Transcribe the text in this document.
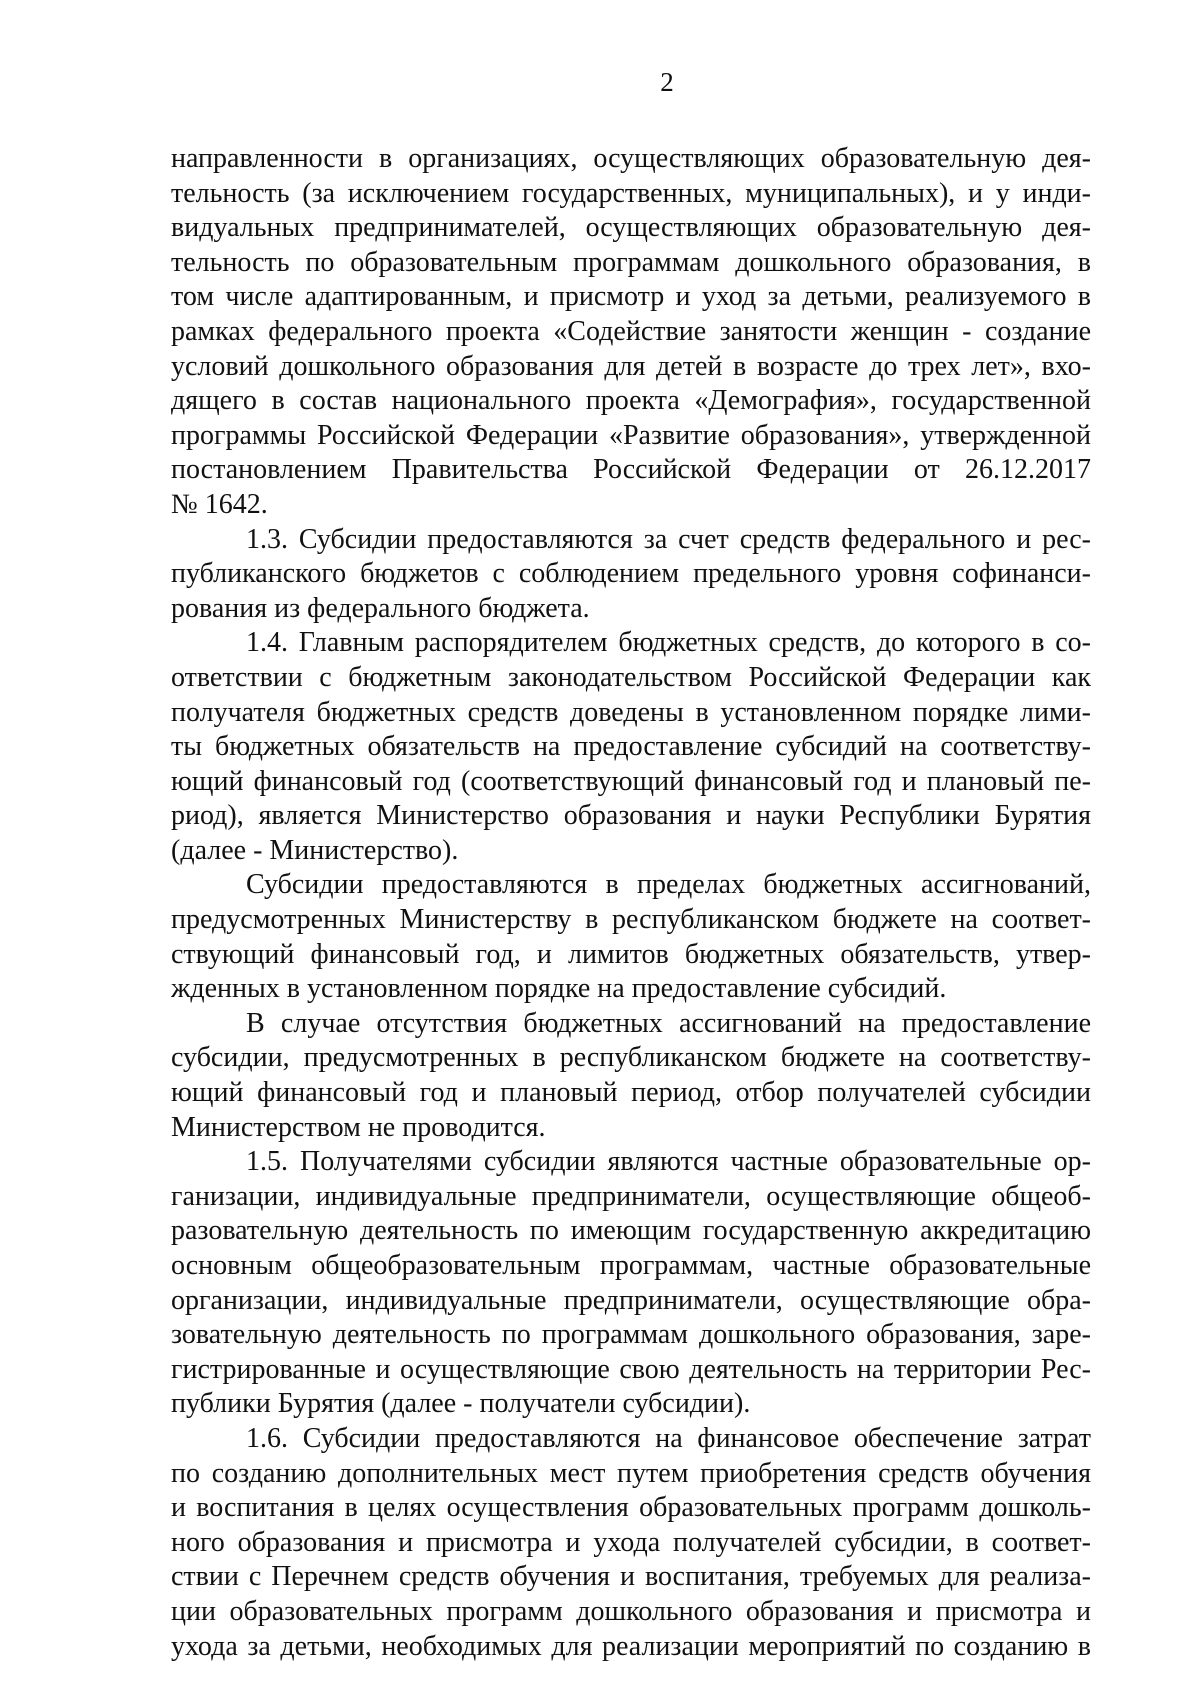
2
направленности в организациях, осуществляющих образовательную дея-
тельность (за исключением государственных, муниципальных), и у инди-
видуальных предпринимателей, осуществляющих образовательную дея-
тельность по образовательным программам дошкольного образования, в
том числе адаптированным, и присмотр и уход за детьми, реализуемого в
рамках федерального проекта «Содействие занятости женщин - создание
условий дошкольного образования для детей в возрасте до трех лет», вхо-
дящего в состав национального проекта «Демография», государственной
программы Российской Федерации «Развитие образования», утвержденной
постановлением Правительства Российской Федерации от 26.12.2017
№ 1642.
1.3. Субсидии предоставляются за счет средств федерального и рес-
публиканского бюджетов с соблюдением предельного уровня софинанси-
рования из федерального бюджета.
1.4. Главным распорядителем бюджетных средств, до которого в со-
ответствии с бюджетным законодательством Российской Федерации как
получателя бюджетных средств доведены в установленном порядке лими-
ты бюджетных обязательств на предоставление субсидий на соответству-
ющий финансовый год (соответствующий финансовый год и плановый пе-
риод), является Министерство образования и науки Республики Бурятия
(далее - Министерство).
Субсидии предоставляются в пределах бюджетных ассигнований,
предусмотренных Министерству в республиканском бюджете на соответ-
ствующий финансовый год, и лимитов бюджетных обязательств, утвер-
жденных в установленном порядке на предоставление субсидий.
В случае отсутствия бюджетных ассигнований на предоставление
субсидии, предусмотренных в республиканском бюджете на соответству-
ющий финансовый год и плановый период, отбор получателей субсидии
Министерством не проводится.
1.5. Получателями субсидии являются частные образовательные ор-
ганизации, индивидуальные предприниматели, осуществляющие общеоб-
разовательную деятельность по имеющим государственную аккредитацию
основным общеобразовательным программам, частные образовательные
организации, индивидуальные предприниматели, осуществляющие обра-
зовательную деятельность по программам дошкольного образования, заре-
гистрированные и осуществляющие свою деятельность на территории Рес-
публики Бурятия (далее - получатели субсидии).
1.6. Субсидии предоставляются на финансовое обеспечение затрат
по созданию дополнительных мест путем приобретения средств обучения
и воспитания в целях осуществления образовательных программ дошколь-
ного образования и присмотра и ухода получателей субсидии, в соответ-
ствии с Перечнем средств обучения и воспитания, требуемых для реализа-
ции образовательных программ дошкольного образования и присмотра и
ухода за детьми, необходимых для реализации мероприятий по созданию в
